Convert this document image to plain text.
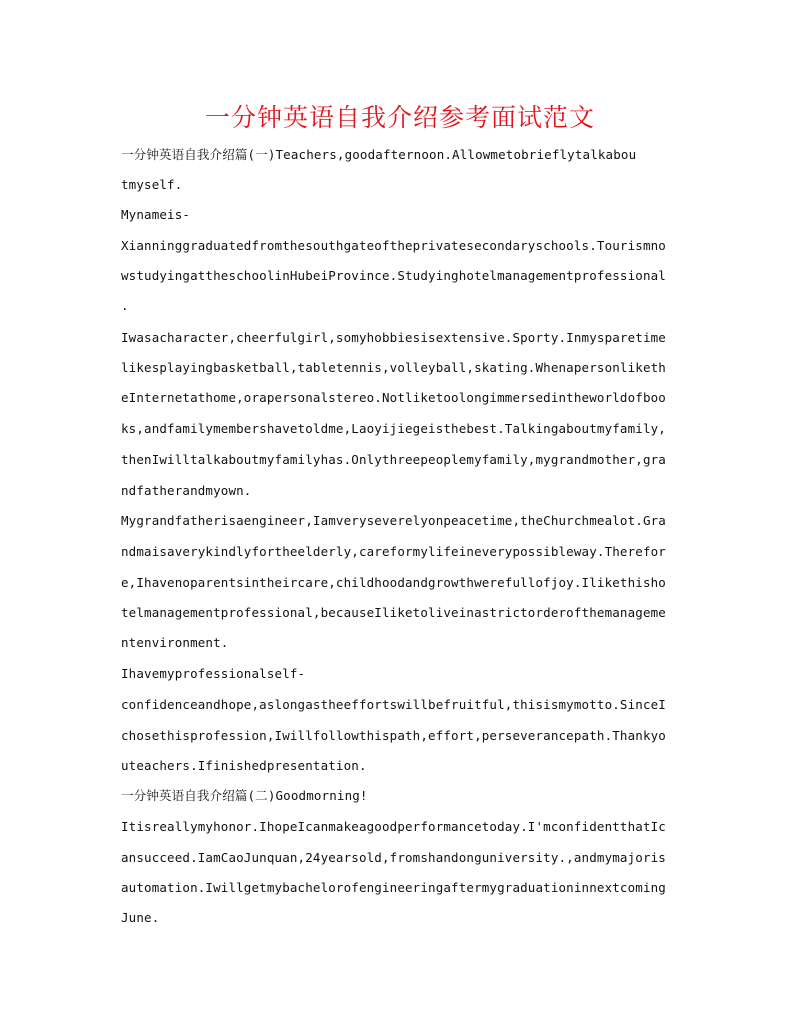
一分钟英语自我介绍参考面试范文
一分钟英语自我介绍篇(一)Teachers,goodafternoon.Allowmetobrieflytalkabou
tmyself.
Mynameis-
Xianninggraduatedfromthesouthgateoftheprivatesecondaryschools.Tourismno
wstudyingattheschoolinHubeiProvince.Studyinghotelmanagementprofessional
.
Iwasacharacter,cheerfulgirl,somyhobbiesisextensive.Sporty.Inmysparetime
likesplayingbasketball,tabletennis,volleyball,skating.Whenapersonliketh
eInternetathome,orapersonalstereo.Notliketoolongimmersedintheworldofboo
ks,andfamilymembershavetoldme,Laoyijiegeisthebest.Talkingaboutmyfamily,
thenIwilltalkaboutmyfamilyhas.Onlythreepeoplemyfamily,mygrandmother,gra
ndfatherandmyown.
Mygrandfatherisaengineer,Iamveryseverelyonpeacetime,theChurchmealot.Gra
ndmaisaverykindlyfortheelderly,careformylifeineverypossibleway.Therefor
e,Ihavenoparentsintheircare,childhoodandgrowthwerefullofjoy.Ilikethisho
telmanagementprofessional,becauseIliketoliveinastrictorderofthemanageme
ntenvironment.
Ihavemyprofessionalself-
confidenceandhope,aslongastheeffortswillbefruitful,thisismymotto.SinceI
chosethisprofession,Iwillfollowthispath,effort,perseverancepath.Thankyo
uteachers.Ifinishedpresentation.
一分钟英语自我介绍篇(二)Goodmorning!
Itisreallymyhonor.IhopeIcanmakeagoodperformancetoday.I'mconfidentthatIc
ansucceed.IamCaoJunquan,24yearsold,fromshandonguniversity.,andmymajoris
automation.Iwillgetmybachelorofengineeringaftermygraduationinnextcoming
June.
